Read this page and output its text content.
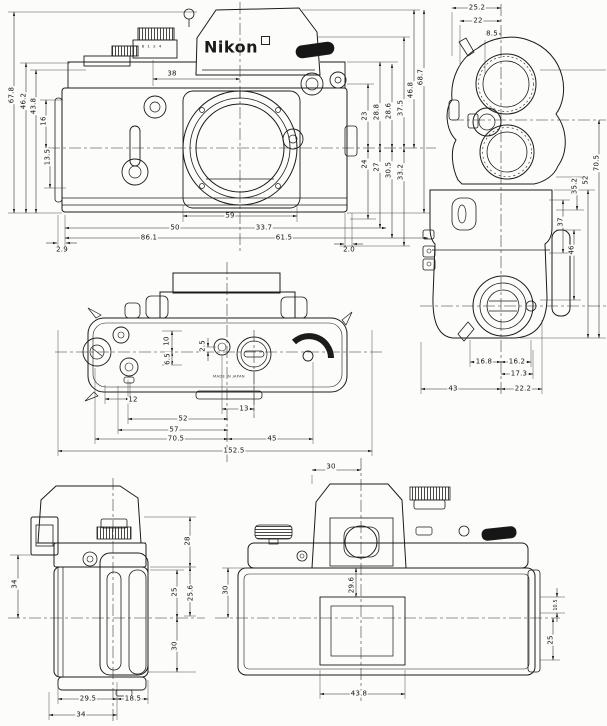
Nikon
8 1 2 4
MADE IN JAPAN
67.8 46.2 43.8
16
13.5
38
23 28.8 28.6 37.5
46.8
68.7
24 27 30.5 33.2
59
50	33.7
86.1	61.5
2.9	2.0
25.2
22
8.5
70.5
52
35.2
37
46
16.8 16.2
17.3
43	22.2
10
6.5
2.5
12
13
52
57
45
70.5
152.5
34
28
25 25.6
30
29.5	18.5
34
30
30	29.6
10.5
25
43.8
